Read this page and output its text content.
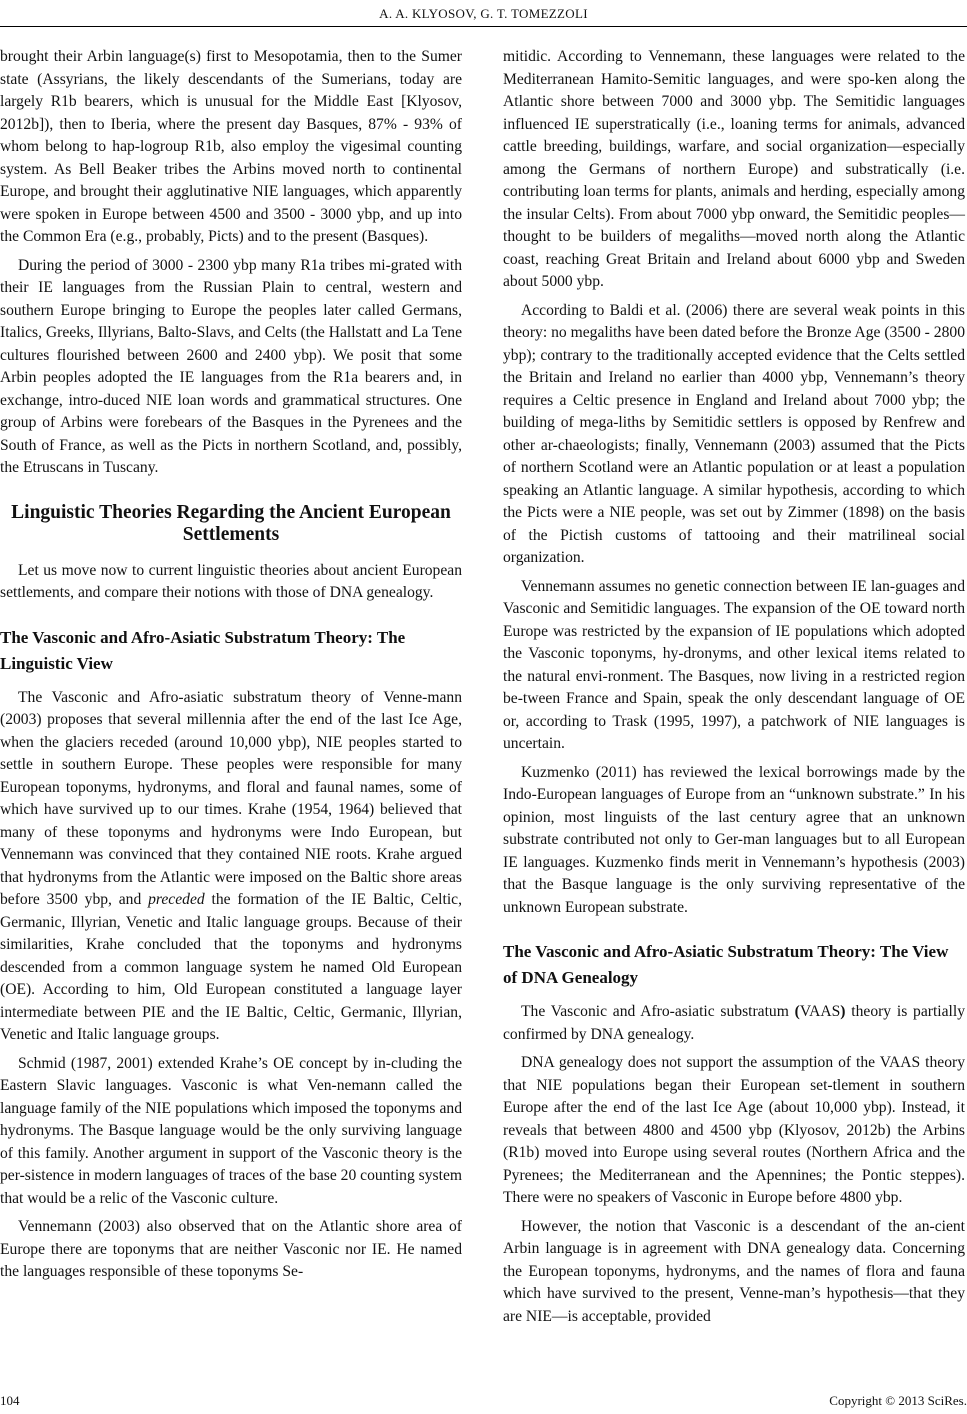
A. A. KLYOSOV, G. T. TOMEZZOLI

brought their Arbin language(s) first to Mesopotamia, then to the Sumer state (Assyrians, the likely descendants of the Sumerians, today are largely R1b bearers, which is unusual for the Middle East [Klyosov, 2012b]), then to Iberia, where the present day Basques, 87% - 93% of whom belong to hap-logroup R1b, also employ the vigesimal counting system. As Bell Beaker tribes the Arbins moved north to continental Europe, and brought their agglutinative NIE languages, which apparently were spoken in Europe between 4500 and 3500 - 3000 ybp, and up into the Common Era (e.g., probably, Picts) and to the present (Basques).

During the period of 3000 - 2300 ybp many R1a tribes mi-grated with their IE languages from the Russian Plain to central, western and southern Europe bringing to Europe the peoples later called Germans, Italics, Greeks, Illyrians, Balto-Slavs, and Celts (the Hallstatt and La Tene cultures flourished between 2600 and 2400 ybp). We posit that some Arbin peoples adopted the IE languages from the R1a bearers and, in exchange, intro-duced NIE loan words and grammatical structures. One group of Arbins were forebears of the Basques in the Pyrenees and the South of France, as well as the Picts in northern Scotland, and, possibly, the Etruscans in Tuscany.

Linguistic Theories Regarding the Ancient European Settlements

Let us move now to current linguistic theories about ancient European settlements, and compare their notions with those of DNA genealogy.

The Vasconic and Afro-Asiatic Substratum Theory: The Linguistic View

The Vasconic and Afro-asiatic substratum theory of Venne-mann (2003) proposes that several millennia after the end of the last Ice Age, when the glaciers receded (around 10,000 ybp), NIE peoples started to settle in southern Europe. These peoples were responsible for many European toponyms, hydronyms, and floral and faunal names, some of which have survived up to our times. Krahe (1954, 1964) believed that many of these toponyms and hydronyms were Indo European, but Vennemann was convinced that they contained NIE roots. Krahe argued that hydronyms from the Atlantic were imposed on the Baltic shore areas before 3500 ybp, and preceded the formation of the IE Baltic, Celtic, Germanic, Illyrian, Venetic and Italic language groups. Because of their similarities, Krahe concluded that the toponyms and hydronyms descended from a common language system he named Old European (OE). According to him, Old European constituted a language layer intermediate between PIE and the IE Baltic, Celtic, Germanic, Illyrian, Venetic and Italic language groups.

Schmid (1987, 2001) extended Krahe’s OE concept by in-cluding the Eastern Slavic languages. Vasconic is what Ven-nemann called the language family of the NIE populations which imposed the toponyms and hydronyms. The Basque language would be the only surviving language of this family. Another argument in support of the Vasconic theory is the per-sistence in modern languages of traces of the base 20 counting system that would be a relic of the Vasconic culture.

Vennemann (2003) also observed that on the Atlantic shore area of Europe there are toponyms that are neither Vasconic nor IE. He named the languages responsible of these toponyms Se-

mitidic. According to Vennemann, these languages were related to the Mediterranean Hamito-Semitic languages, and were spo-ken along the Atlantic shore between 7000 and 3000 ybp. The Semitidic languages influenced IE superstratically (i.e., loaning terms for animals, advanced cattle breeding, buildings, warfare, and social organization—especially among the Germans of northern Europe) and substratically (i.e. contributing loan terms for plants, animals and herding, especially among the insular Celts). From about 7000 ybp onward, the Semitidic peoples—thought to be builders of megaliths—moved north along the Atlantic coast, reaching Great Britain and Ireland about 6000 ybp and Sweden about 5000 ybp.

According to Baldi et al. (2006) there are several weak points in this theory: no megaliths have been dated before the Bronze Age (3500 - 2800 ybp); contrary to the traditionally accepted evidence that the Celts settled the Britain and Ireland no earlier than 4000 ybp, Vennemann’s theory requires a Celtic presence in England and Ireland about 7000 ybp; the building of mega-liths by Semitidic settlers is opposed by Renfrew and other ar-chaeologists; finally, Vennemann (2003) assumed that the Picts of northern Scotland were an Atlantic population or at least a population speaking an Atlantic language. A similar hypothesis, according to which the Picts were a NIE people, was set out by Zimmer (1898) on the basis of the Pictish customs of tattooing and their matrilineal social organization.

Vennemann assumes no genetic connection between IE lan-guages and Vasconic and Semitidic languages. The expansion of the OE toward north Europe was restricted by the expansion of IE populations which adopted the Vasconic toponyms, hy-dronyms, and other lexical items related to the natural envi-ronment. The Basques, now living in a restricted region be-tween France and Spain, speak the only descendant language of OE or, according to Trask (1995, 1997), a patchwork of NIE languages is uncertain.

Kuzmenko (2011) has reviewed the lexical borrowings made by the Indo-European languages of Europe from an “unknown substrate.” In his opinion, most linguists of the last century agree that an unknown substrate contributed not only to Ger-man languages but to all European IE languages. Kuzmenko finds merit in Vennemann’s hypothesis (2003) that the Basque language is the only surviving representative of the unknown European substrate.

The Vasconic and Afro-Asiatic Substratum Theory: The View of DNA Genealogy

The Vasconic and Afro-asiatic substratum (VAAS) theory is partially confirmed by DNA genealogy.

DNA genealogy does not support the assumption of the VAAS theory that NIE populations began their European set-tlement in southern Europe after the end of the last Ice Age (about 10,000 ybp). Instead, it reveals that between 4800 and 4500 ybp (Klyosov, 2012b) the Arbins (R1b) moved into Europe using several routes (Northern Africa and the Pyrenees; the Mediterranean and the Apennines; the Pontic steppes). There were no speakers of Vasconic in Europe before 4800 ybp.

However, the notion that Vasconic is a descendant of the an-cient Arbin language is in agreement with DNA genealogy data. Concerning the European toponyms, hydronyms, and the names of flora and fauna which have survived to the present, Venne-man’s hypothesis—that they are NIE—is acceptable, provided

104	Copyright © 2013 SciRes.
